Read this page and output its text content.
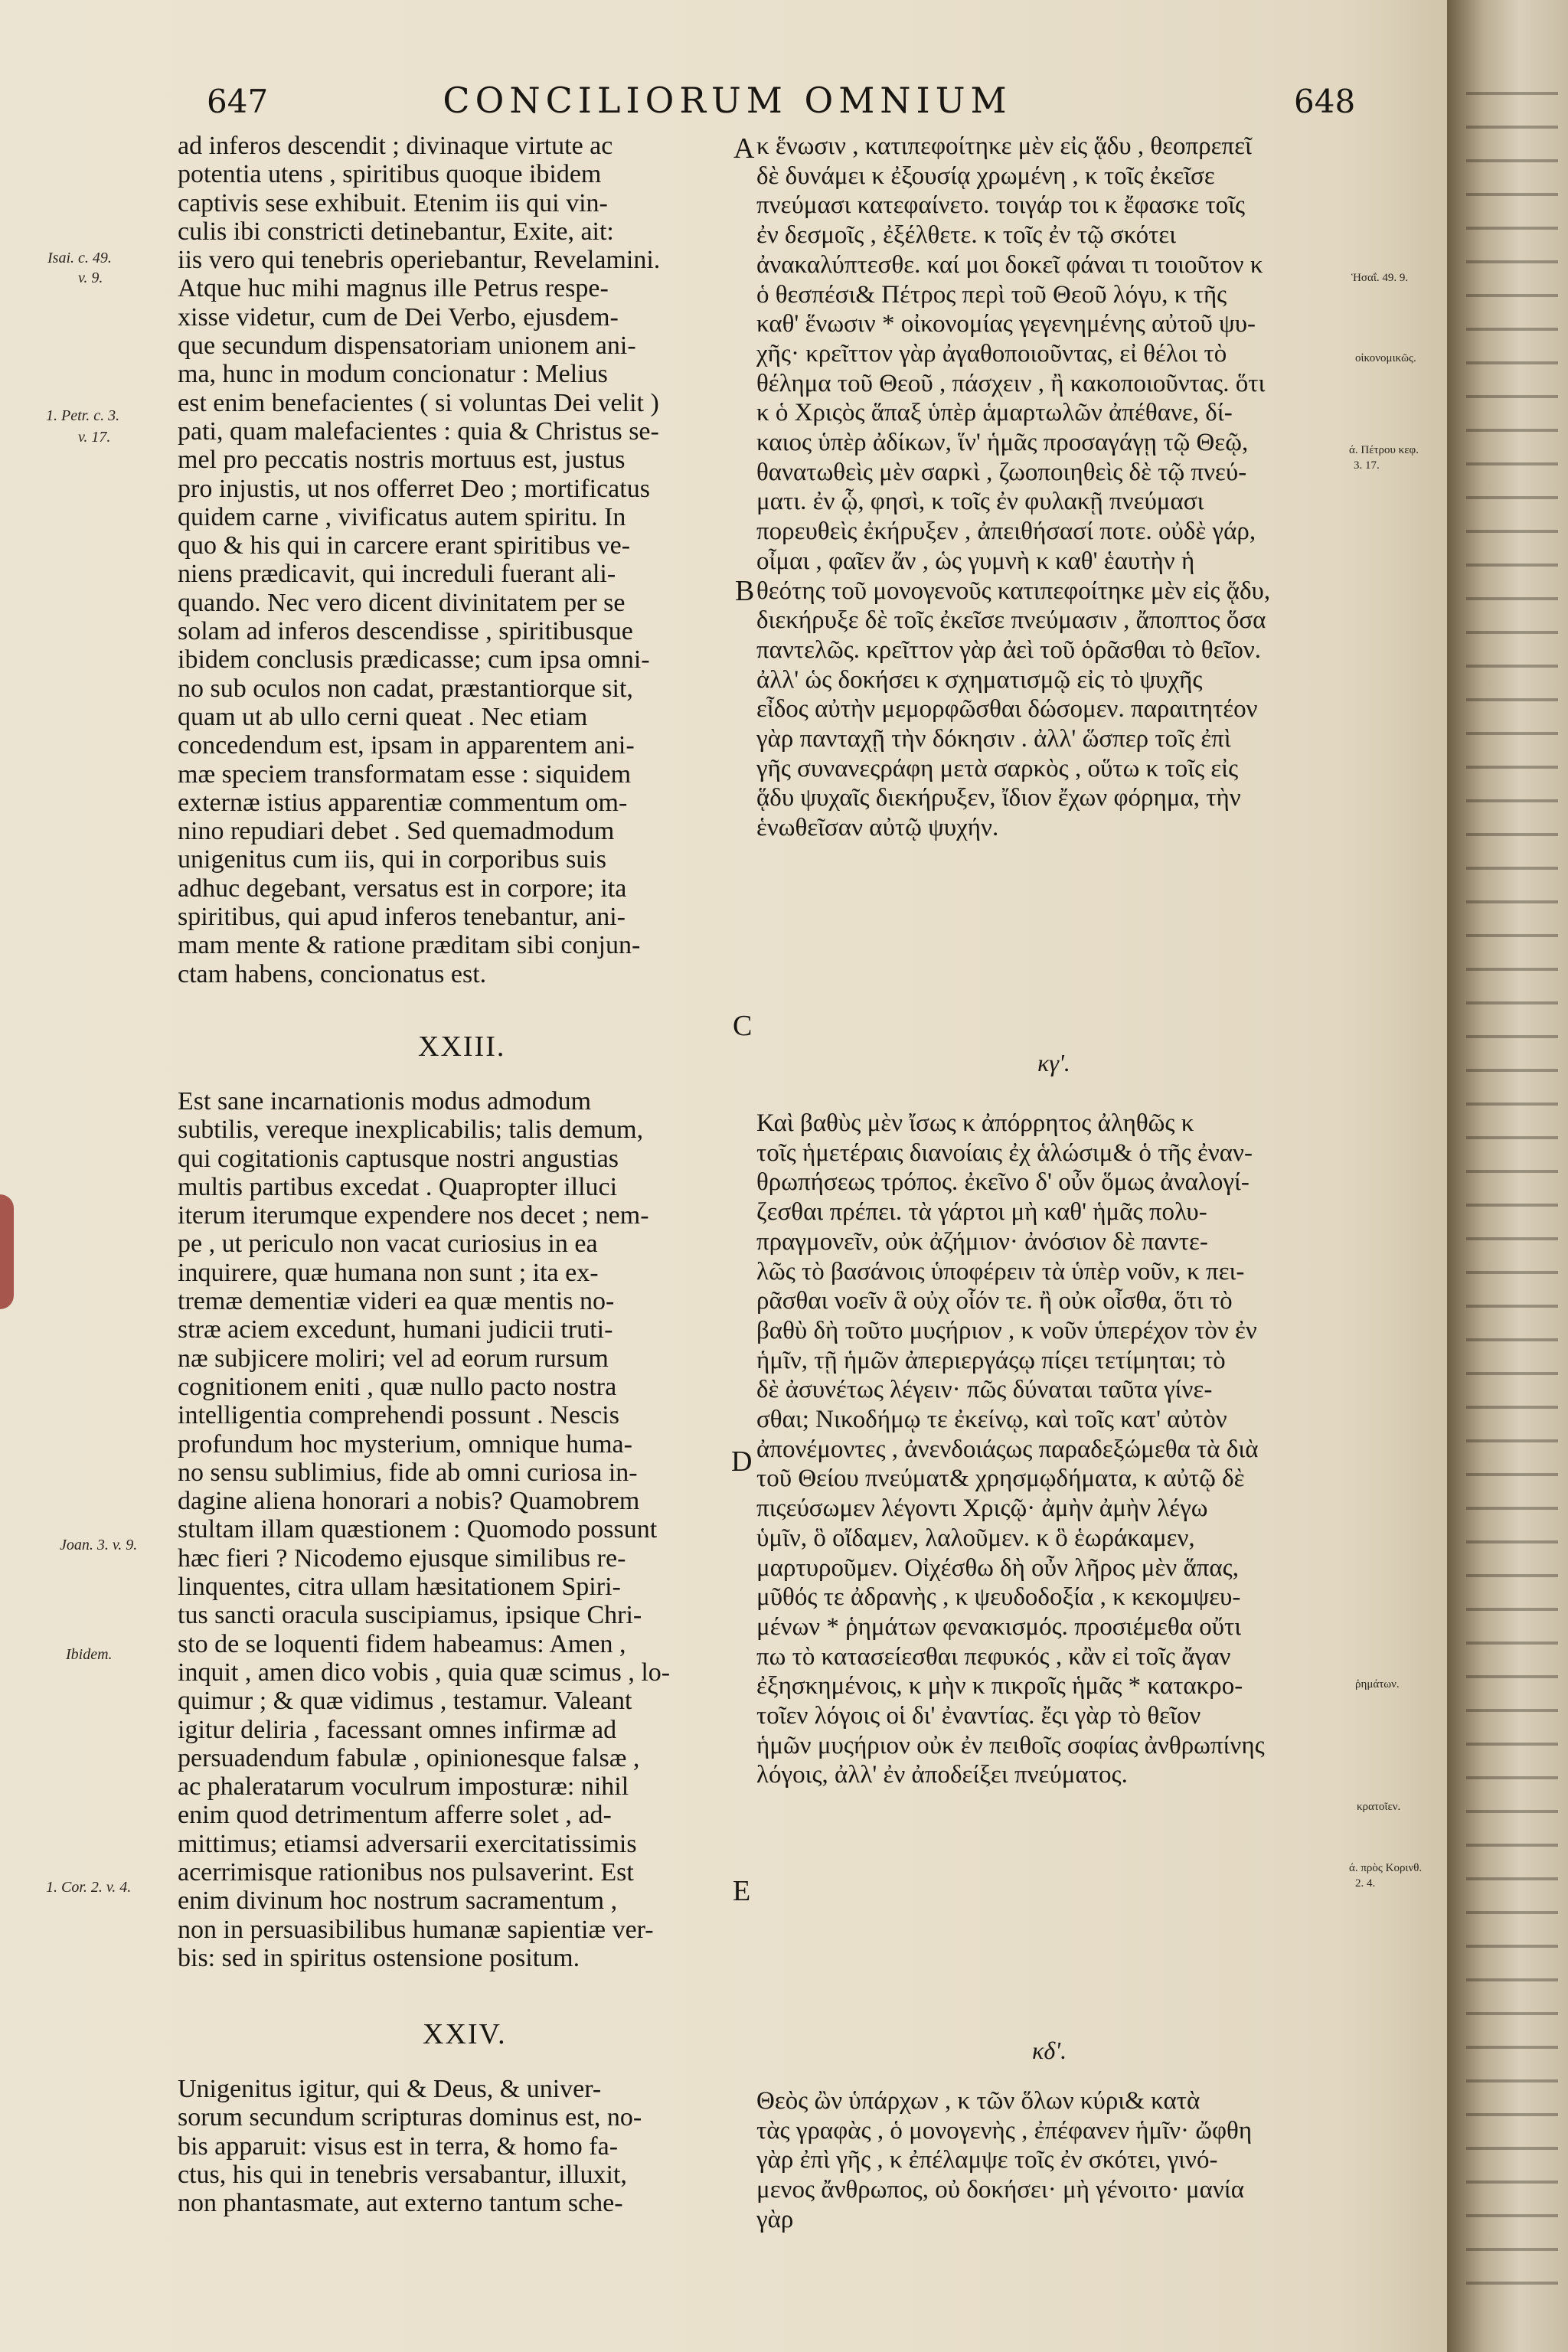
647	CONCILIORUM OMNIUM	648
ad inferos descendit ; divinaque virtute ac
potentia utens , spiritibus quoque ibidem
captivis sese exhibuit. Etenim iis qui vin-
culis ibi constricti detinebantur, Exite, ait:
iis vero qui tenebris operiebantur, Revelamini.
Atque huc mihi magnus ille Petrus respe-
xisse videtur, cum de Dei Verbo, ejusdem-
que secundum dispensatoriam unionem ani-
ma, hunc in modum concionatur : Melius
est enim benefacientes ( si voluntas Dei velit )
pati, quam malefacientes : quia & Christus se-
mel pro peccatis nostris mortuus est, justus
pro injustis, ut nos offerret Deo ; mortificatus
quidem carne , vivificatus autem spiritu. In
quo & his qui in carcere erant spiritibus ve-
niens prædicavit, qui increduli fuerant ali-
quando. Nec vero dicent divinitatem per se
solam ad inferos descendisse , spiritibusque
ibidem conclusis prædicasse; cum ipsa omni-
no sub oculos non cadat, præstantiorque sit,
quam ut ab ullo cerni queat . Nec etiam
concedendum est, ipsam in apparentem ani-
mæ speciem transformatam esse : siquidem
externæ istius apparentiæ commentum om-
nino repudiari debet . Sed quemadmodum
unigenitus cum iis, qui in corporibus suis
adhuc degebant, versatus est in corpore; ita
spiritibus, qui apud inferos tenebantur, ani-
mam mente & ratione præditam sibi conjun-
ctam habens, concionatus est.
XXIII.
Est sane incarnationis modus admodum
subtilis, vereque inexplicabilis; talis demum,
qui cogitationis captusque nostri angustias
multis partibus excedat . Quapropter illuci
iterum iterumque expendere nos decet ; nem-
pe , ut periculo non vacat curiosius in ea
inquirere, quæ humana non sunt ; ita ex-
tremæ dementiæ videri ea quæ mentis no-
stræ aciem excedunt, humani judicii truti-
næ subjicere moliri; vel ad eorum rursum
cognitionem eniti , quæ nullo pacto nostra
intelligentia comprehendi possunt . Nescis
profundum hoc mysterium, omnique huma-
no sensu sublimius, fide ab omni curiosa in-
dagine aliena honorari a nobis? Quamobrem
stultam illam quæstionem : Quomodo possunt
hæc fieri ? Nicodemo ejusque similibus re-
linquentes, citra ullam hæsitationem Spiri-
tus sancti oracula suscipiamus, ipsique Chri-
sto de se loquenti fidem habeamus: Amen ,
inquit , amen dico vobis , quia quæ scimus , lo-
quimur ; & quæ vidimus , testamur. Valeant
igitur deliria , facessant omnes infirmæ ad
persuadendum fabulæ , opinionesque falsæ ,
ac phaleratarum voculrum imposturæ: nihil
enim quod detrimentum afferre solet , ad-
mittimus; etiamsi adversarii exercitatissimis
acerrimisque rationibus nos pulsaverint. Est
enim divinum hoc nostrum sacramentum ,
non in persuasibilibus humanæ sapientiæ ver-
bis: sed in spiritus ostensione positum.
XXIV.
Unigenitus igitur, qui & Deus, & univer-
sorum secundum scripturas dominus est, no-
bis apparuit: visus est in terra, & homo fa-
ctus, his qui in tenebris versabantur, illuxit,
non phantasmate, aut externo tantum sche-
κ ἕνωσιν , κατιπεφοίτηκε μὲν εἰς ᾅδυ , θεοπρεπεῖ
δὲ δυνάμει κ ἐξουσίᾳ χρωμένη , κ τοῖς ἐκεῖσε
πνεύμασι κατεφαίνετο. τοιγάρ τοι κ ἔφασκε τοῖς
ἐν δεσμοῖς , ἐξέλθετε. κ τοῖς ἐν τῷ σκότει
ἀνακαλύπτεσθε. καί μοι δοκεῖ φάναι τι τοιοῦτον κ
ὁ θεσπέσι& Πέτρος περὶ τοῦ Θεοῦ λόγυ, κ τῆς
καθ' ἕνωσιν * οἰκονομίας γεγενημένης αὐτοῦ ψυ-
χῆς· κρεῖττον γὰρ ἀγαθοποιοῦντας, εἰ θέλοι τὸ
θέλημα τοῦ Θεοῦ , πάσχειν , ἢ κακοποιοῦντας. ὅτι
κ ὁ Χριςὸς ἅπαξ ὑπὲρ ἁμαρτωλῶν ἀπέθανε, δί-
καιος ὑπὲρ ἀδίκων, ἵν' ἡμᾶς προσαγάγῃ τῷ Θεῷ,
θανατωθεὶς μὲν σαρκὶ , ζωοποιηθεὶς δὲ τῷ πνεύ-
ματι. ἐν ᾧ, φησὶ, κ τοῖς ἐν φυλακῇ πνεύμασι
πορευθεὶς ἐκήρυξεν , ἀπειθήσασί ποτε. οὐδὲ γάρ,
οἶμαι , φαῖεν ἄν , ὡς γυμνὴ κ καθ' ἑαυτὴν ἡ
θεότης τοῦ μονογενοῦς κατιπεφοίτηκε μὲν εἰς ᾅδυ,
διεκήρυξε δὲ τοῖς ἐκεῖσε πνεύμασιν , ἄποπτος ὅσα
παντελῶς. κρεῖττον γὰρ ἀεὶ τοῦ ὁρᾶσθαι τὸ θεῖον.
ἀλλ' ὡς δοκήσει κ σχηματισμῷ εἰς τὸ ψυχῆς
εἶδος αὐτὴν μεμορφῶσθαι δώσομεν. παραιτητέον
γὰρ πανταχῇ τὴν δόκησιν . ἀλλ' ὥσπερ τοῖς ἐπὶ
γῆς συνανεςράφη μετὰ σαρκὸς , οὕτω κ τοῖς εἰς
ᾅδυ ψυχαῖς διεκήρυξεν, ἴδιον ἔχων φόρημα, τὴν
ἑνωθεῖσαν αὐτῷ ψυχήν.
κγ'.
Καὶ βαθὺς μὲν ἴσως κ ἀπόρρητος ἀληθῶς κ
τοῖς ἡμετέραις διανοίαις ἐχ ἁλώσιμ& ὁ τῆς ἐναν-
θρωπήσεως τρόπος. ἐκεῖνο δ' οὖν ὅμως ἀναλογί-
ζεσθαι πρέπει. τὰ γάρτοι μὴ καθ' ἡμᾶς πολυ-
πραγμονεῖν, οὐκ ἀζήμιον· ἀνόσιον δὲ παντε-
λῶς τὸ βασάνοις ὑποφέρειν τὰ ὑπὲρ νοῦν, κ πει-
ρᾶσθαι νοεῖν ἃ οὐχ οἷόν τε. ἢ οὐκ οἶσθα, ὅτι τὸ
βαθὺ δὴ τοῦτο μυςήριον , κ νοῦν ὑπερέχον τὸν ἐν
ἡμῖν, τῇ ἡμῶν ἀπεριεργάςῳ πίςει τετίμηται; τὸ
δὲ ἀσυνέτως λέγειν· πῶς δύναται ταῦτα γίνε-
σθαι; Νικοδήμῳ τε ἐκείνῳ, καὶ τοῖς κατ' αὐτὸν
ἀπονέμοντες , ἀνενδοιάςως παραδεξώμεθα τὰ διὰ
τοῦ Θείου πνεύματ& χρησμῳδήματα, κ αὐτῷ δὲ
πιςεύσωμεν λέγοντι Χριςῷ· ἀμὴν ἀμὴν λέγω
ὑμῖν, ὃ οἴδαμεν, λαλοῦμεν. κ ὃ ἑωράκαμεν,
μαρτυροῦμεν. Οἰχέσθω δὴ οὖν λῆρος μὲν ἅπας,
μῦθός τε ἀδρανὴς , κ ψευδοδοξία , κ κεκομψευ-
μένων * ῥημάτων φενακισμός. προσιέμεθα οὔτι
πω τὸ κατασείεσθαι πεφυκός , κἂν εἰ τοῖς ἄγαν
ἐξησκημένοις, κ μὴν κ πικροῖς ἡμᾶς * κατακρο-
τοῖεν λόγοις οἱ δι' ἐναντίας. ἔςι γὰρ τὸ θεῖον
ἡμῶν μυςήριον οὐκ ἐν πειθοῖς σοφίας ἀνθρωπίνης
λόγοις, ἀλλ' ἐν ἀποδείξει πνεύματος.
κδ'.
Θεὸς ὢν ὑπάρχων , κ τῶν ὅλων κύρι& κατὰ
τὰς γραφὰς , ὁ μονογενὴς , ἐπέφανεν ἡμῖν· ὤφθη
γὰρ ἐπὶ γῆς , κ ἐπέλαμψε τοῖς ἐν σκότει, γινό-
μενος ἄνθρωπος, οὐ δοκήσει· μὴ γένοιτο· μανία
γὰρ
A
B
C
D
E
Isai. c. 49.
v. 9.
1. Petr. c. 3.
v. 17.
Joan. 3. v. 9.
Ibidem.
1. Cor. 2. v. 4.
Ἡσαΐ. 49. 9.
οἰκονομικῶς.
ά. Πέτρου κεφ.
3. 17.
ῥημάτων.
κρατοῖεν.
ά. πρὸς Κορινθ.
2. 4.
